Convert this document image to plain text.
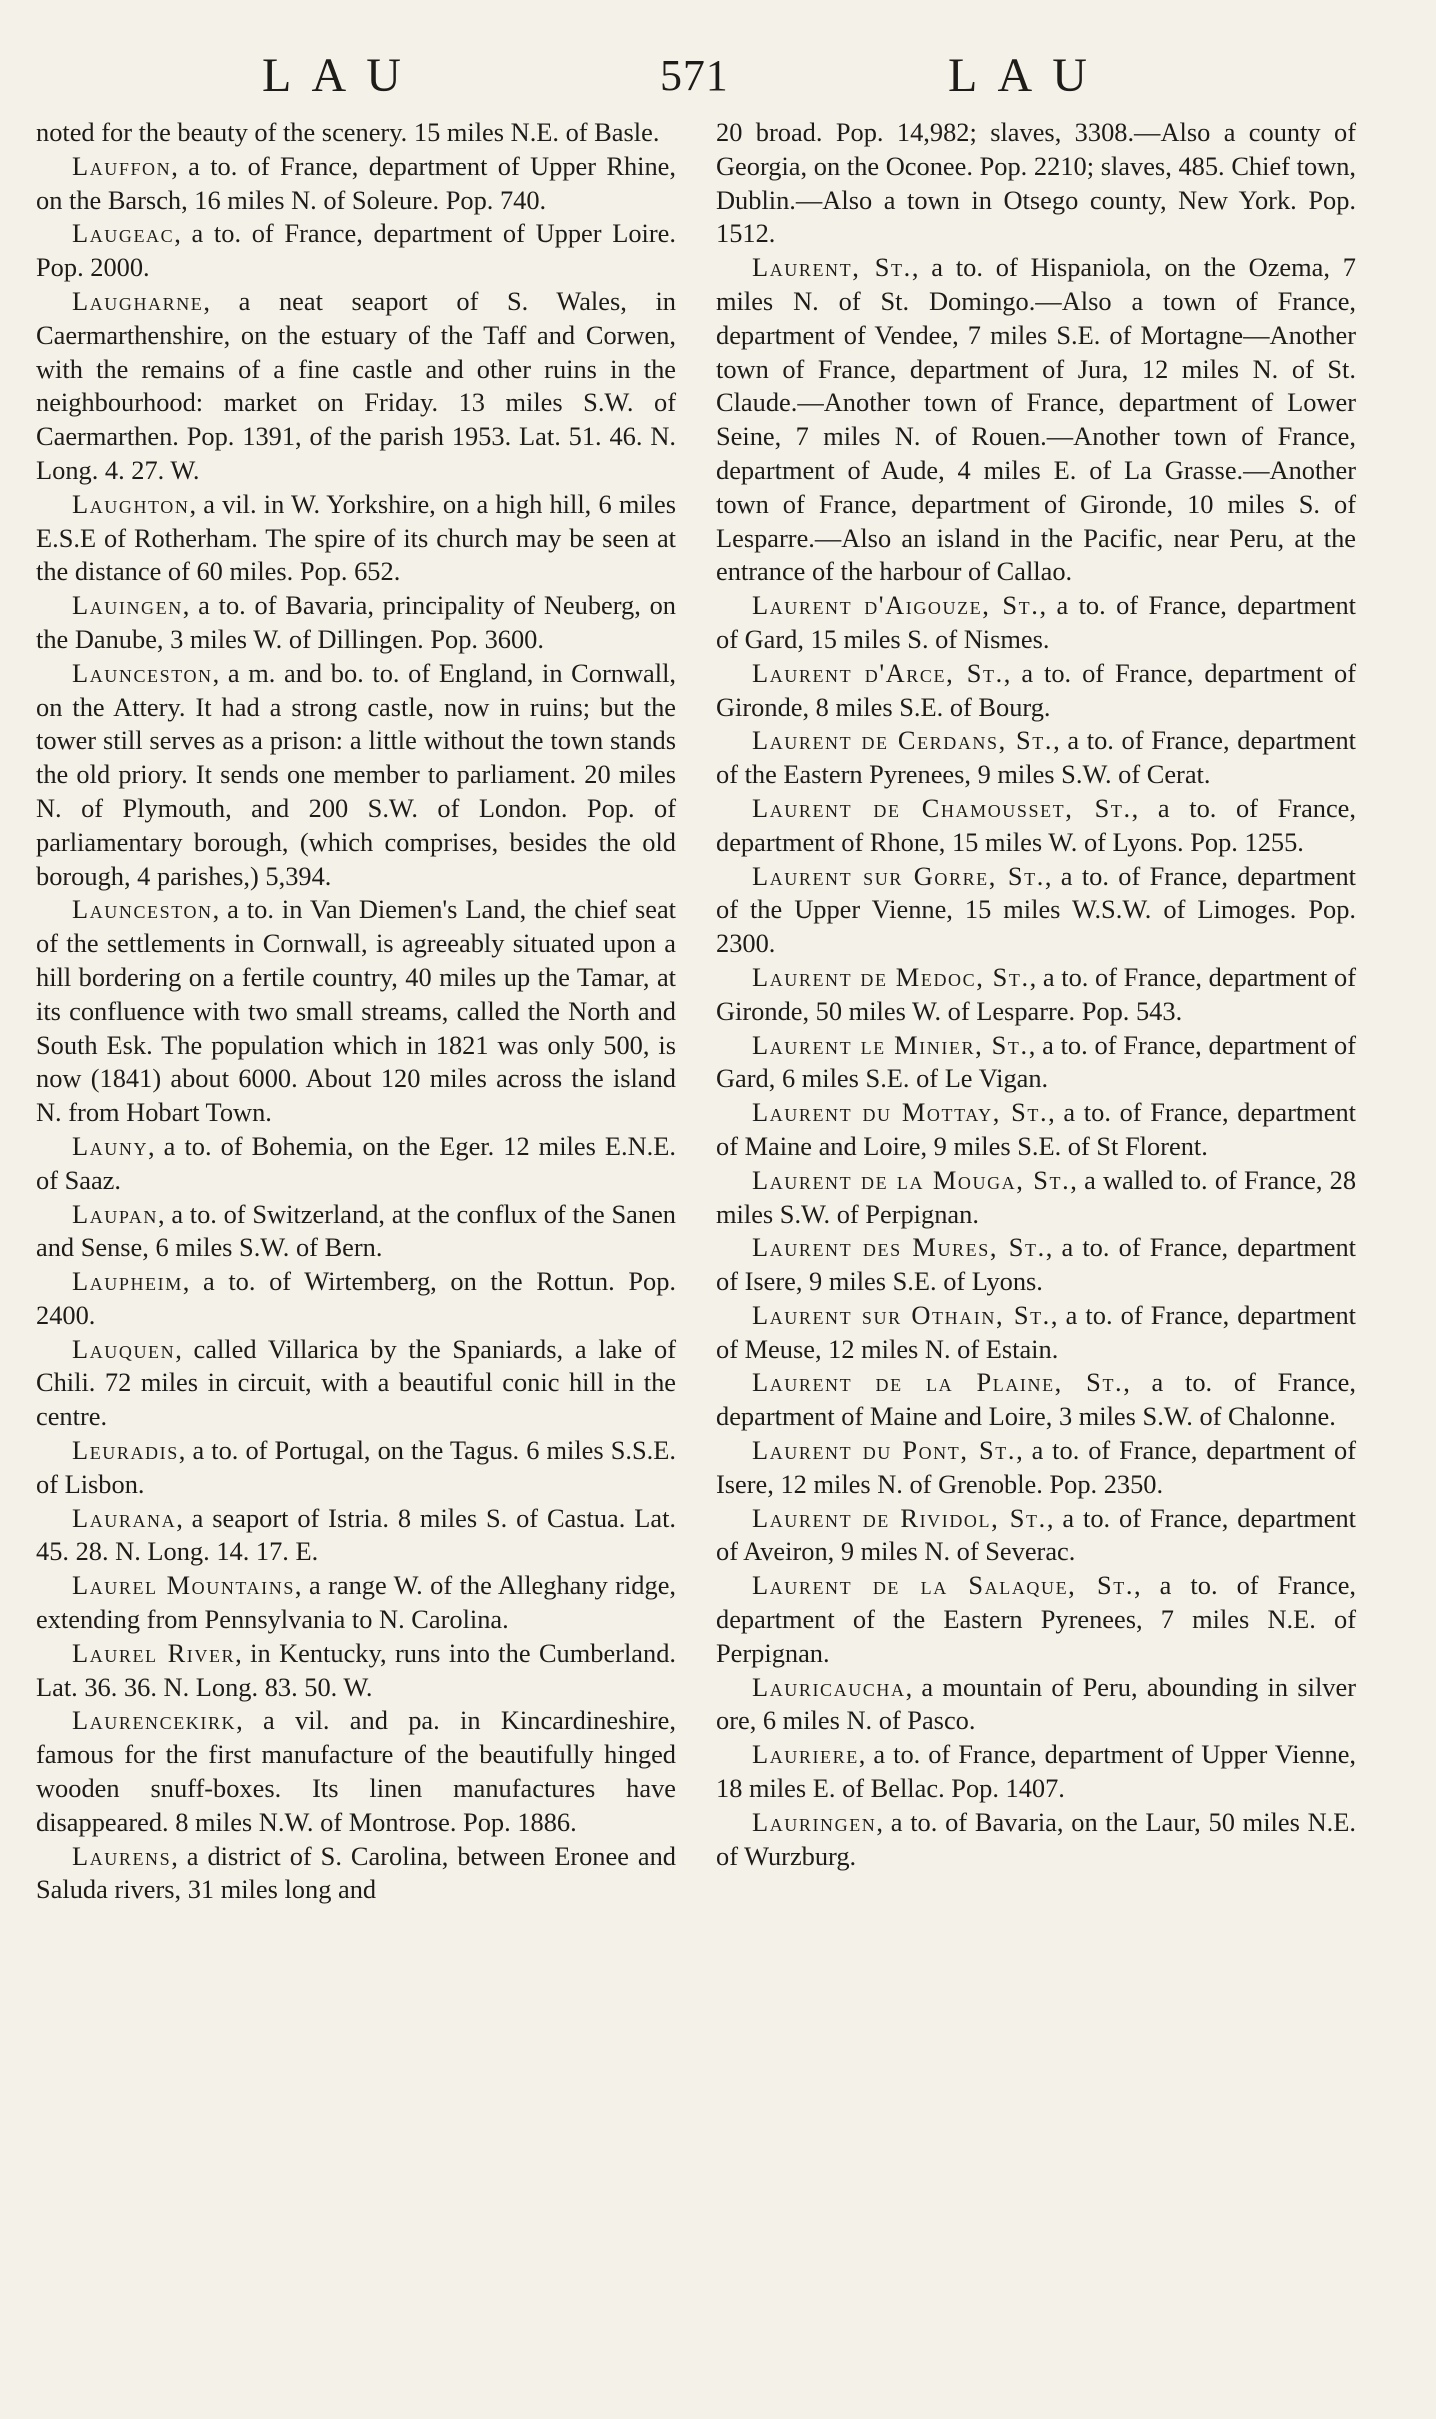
LAU	571	LAU

noted for the beauty of the scenery. 15 miles N.E. of Basle.

Lauffon, a to. of France, department of Upper Rhine, on the Barsch, 16 miles N. of Soleure. Pop. 740.

Laugeac, a to. of France, department of Upper Loire. Pop. 2000.

Laugharne, a neat seaport of S. Wales, in Caermarthenshire, on the estuary of the Taff and Corwen, with the remains of a fine castle and other ruins in the neighbourhood: market on Friday. 13 miles S.W. of Caermarthen. Pop. 1391, of the parish 1953. Lat. 51. 46. N. Long. 4. 27. W.

Laughton, a vil. in W. Yorkshire, on a high hill, 6 miles E.S.E of Rotherham. The spire of its church may be seen at the distance of 60 miles. Pop. 652.

Lauingen, a to. of Bavaria, principality of Neuberg, on the Danube, 3 miles W. of Dillingen. Pop. 3600.

Launceston, a m. and bo. to. of England, in Cornwall, on the Attery. It had a strong castle, now in ruins; but the tower still serves as a prison: a little without the town stands the old priory. It sends one member to parliament. 20 miles N. of Plymouth, and 200 S.W. of London. Pop. of parliamentary borough, (which comprises, besides the old borough, 4 parishes,) 5,394.

Launceston, a to. in Van Diemen's Land, the chief seat of the settlements in Cornwall, is agreeably situated upon a hill bordering on a fertile country, 40 miles up the Tamar, at its confluence with two small streams, called the North and South Esk. The population which in 1821 was only 500, is now (1841) about 6000. About 120 miles across the island N. from Hobart Town.

Launy, a to. of Bohemia, on the Eger. 12 miles E.N.E. of Saaz.

Laupan, a to. of Switzerland, at the conflux of the Sanen and Sense, 6 miles S.W. of Bern.

Laupheim, a to. of Wirtemberg, on the Rottun. Pop. 2400.

Lauquen, called Villarica by the Spaniards, a lake of Chili. 72 miles in circuit, with a beautiful conic hill in the centre.

Leuradis, a to. of Portugal, on the Tagus. 6 miles S.S.E. of Lisbon.

Laurana, a seaport of Istria. 8 miles S. of Castua. Lat. 45. 28. N. Long. 14. 17. E.

Laurel Mountains, a range W. of the Alleghany ridge, extending from Pennsylvania to N. Carolina.

Laurel River, in Kentucky, runs into the Cumberland. Lat. 36. 36. N. Long. 83. 50. W.

Laurencekirk, a vil. and pa. in Kincardineshire, famous for the first manufacture of the beautifully hinged wooden snuff-boxes. Its linen manufactures have disappeared. 8 miles N.W. of Montrose. Pop. 1886.

Laurens, a district of S. Carolina, between Eronee and Saluda rivers, 31 miles long and

20 broad. Pop. 14,982; slaves, 3308.—Also a county of Georgia, on the Oconee. Pop. 2210; slaves, 485. Chief town, Dublin.—Also a town in Otsego county, New York. Pop. 1512.

Laurent, St., a to. of Hispaniola, on the Ozema, 7 miles N. of St. Domingo.—Also a town of France, department of Vendee, 7 miles S.E. of Mortagne—Another town of France, department of Jura, 12 miles N. of St. Claude.—Another town of France, department of Lower Seine, 7 miles N. of Rouen.—Another town of France, department of Aude, 4 miles E. of La Grasse.—Another town of France, department of Gironde, 10 miles S. of Lesparre.—Also an island in the Pacific, near Peru, at the entrance of the harbour of Callao.

Laurent d'Aigouze, St., a to. of France, department of Gard, 15 miles S. of Nismes.

Laurent d'Arce, St., a to. of France, department of Gironde, 8 miles S.E. of Bourg.

Laurent de Cerdans, St., a to. of France, department of the Eastern Pyrenees, 9 miles S.W. of Cerat.

Laurent de Chamousset, St., a to. of France, department of Rhone, 15 miles W. of Lyons. Pop. 1255.

Laurent sur Gorre, St., a to. of France, department of the Upper Vienne, 15 miles W.S.W. of Limoges. Pop. 2300.

Laurent de Medoc, St., a to. of France, department of Gironde, 50 miles W. of Lesparre. Pop. 543.

Laurent le Minier, St., a to. of France, department of Gard, 6 miles S.E. of Le Vigan.

Laurent du Mottay, St., a to. of France, department of Maine and Loire, 9 miles S.E. of St Florent.

Laurent de la Mouga, St., a walled to. of France, 28 miles S.W. of Perpignan.

Laurent des Mures, St., a to. of France, department of Isere, 9 miles S.E. of Lyons.

Laurent sur Othain, St., a to. of France, department of Meuse, 12 miles N. of Estain.

Laurent de la Plaine, St., a to. of France, department of Maine and Loire, 3 miles S.W. of Chalonne.

Laurent du Pont, St., a to. of France, department of Isere, 12 miles N. of Grenoble. Pop. 2350.

Laurent de Rividol, St., a to. of France, department of Aveiron, 9 miles N. of Severac.

Laurent de la Salaque, St., a to. of France, department of the Eastern Pyrenees, 7 miles N.E. of Perpignan.

Lauricaucha, a mountain of Peru, abounding in silver ore, 6 miles N. of Pasco.

Lauriere, a to. of France, department of Upper Vienne, 18 miles E. of Bellac. Pop. 1407.

Lauringen, a to. of Bavaria, on the Laur, 50 miles N.E. of Wurzburg.
